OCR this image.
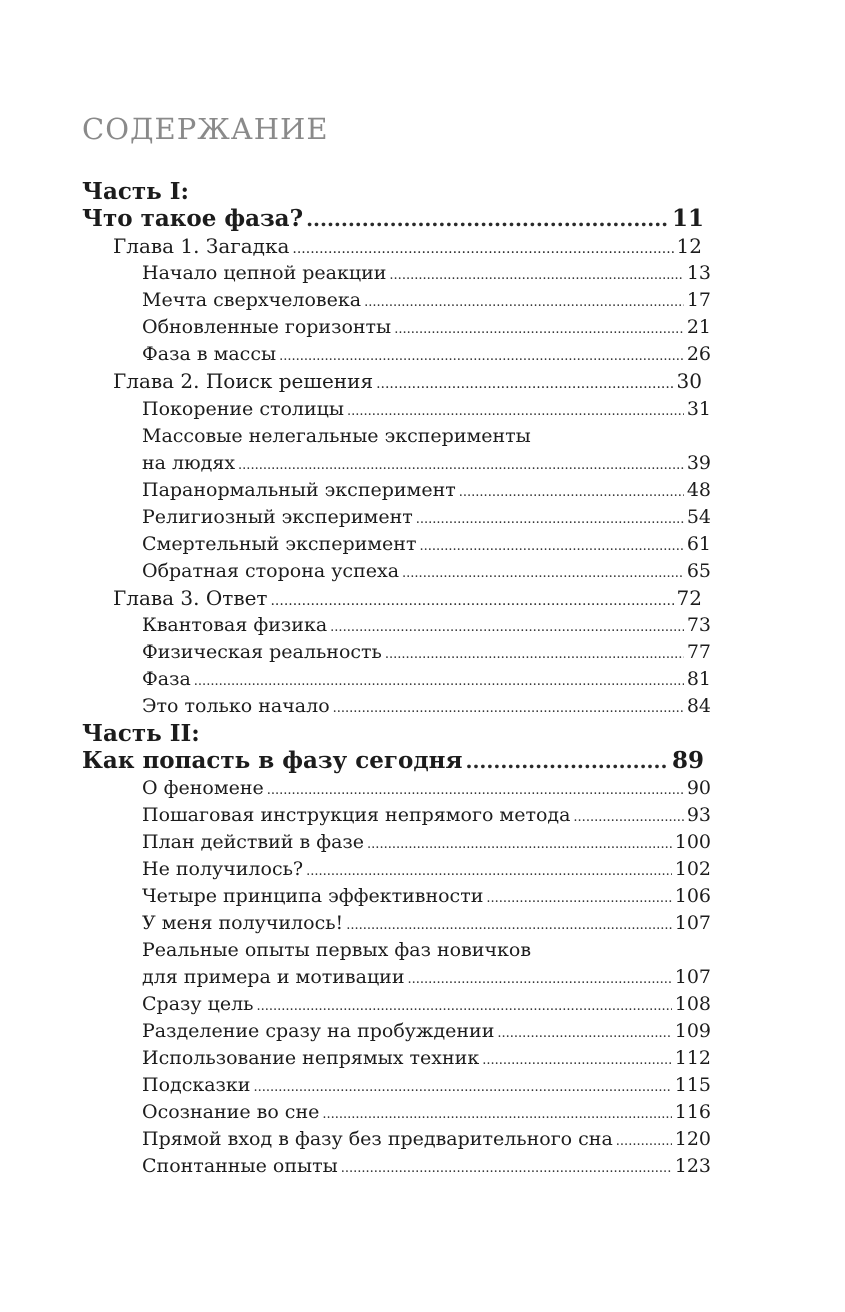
СОДЕРЖАНИЕ
Часть I:
Что такое фаза? .....	11
Глава 1. Загадка .....	12
Начало цепной реакции .....	13
Мечта сверхчеловека .....	17
Обновленные горизонты .....	21
Фаза в массы .....	26
Глава 2. Поиск решения .....	30
Покорение столицы .....	31
Массовые нелегальные эксперименты
на людях .....	39
Паранормальный эксперимент .....	48
Религиозный эксперимент .....	54
Смертельный эксперимент .....	61
Обратная сторона успеха .....	65
Глава 3. Ответ .....	72
Квантовая физика .....	73
Физическая реальность .....	77
Фаза .....	81
Это только начало .....	84
Часть II:
Как попасть в фазу сегодня .....	89
О феномене .....	90
Пошаговая инструкция непрямого метода .....	93
План действий в фазе .....	100
Не получилось? .....	102
Четыре принципа эффективности .....	106
У меня получилось! .....	107
Реальные опыты первых фаз новичков
для примера и мотивации .....	107
Сразу цель .....	108
Разделение сразу на пробуждении .....	109
Использование непрямых техник .....	112
Подсказки .....	115
Осознание во сне .....	116
Прямой вход в фазу без предварительного сна .....	120
Спонтанные опыты .....	123
